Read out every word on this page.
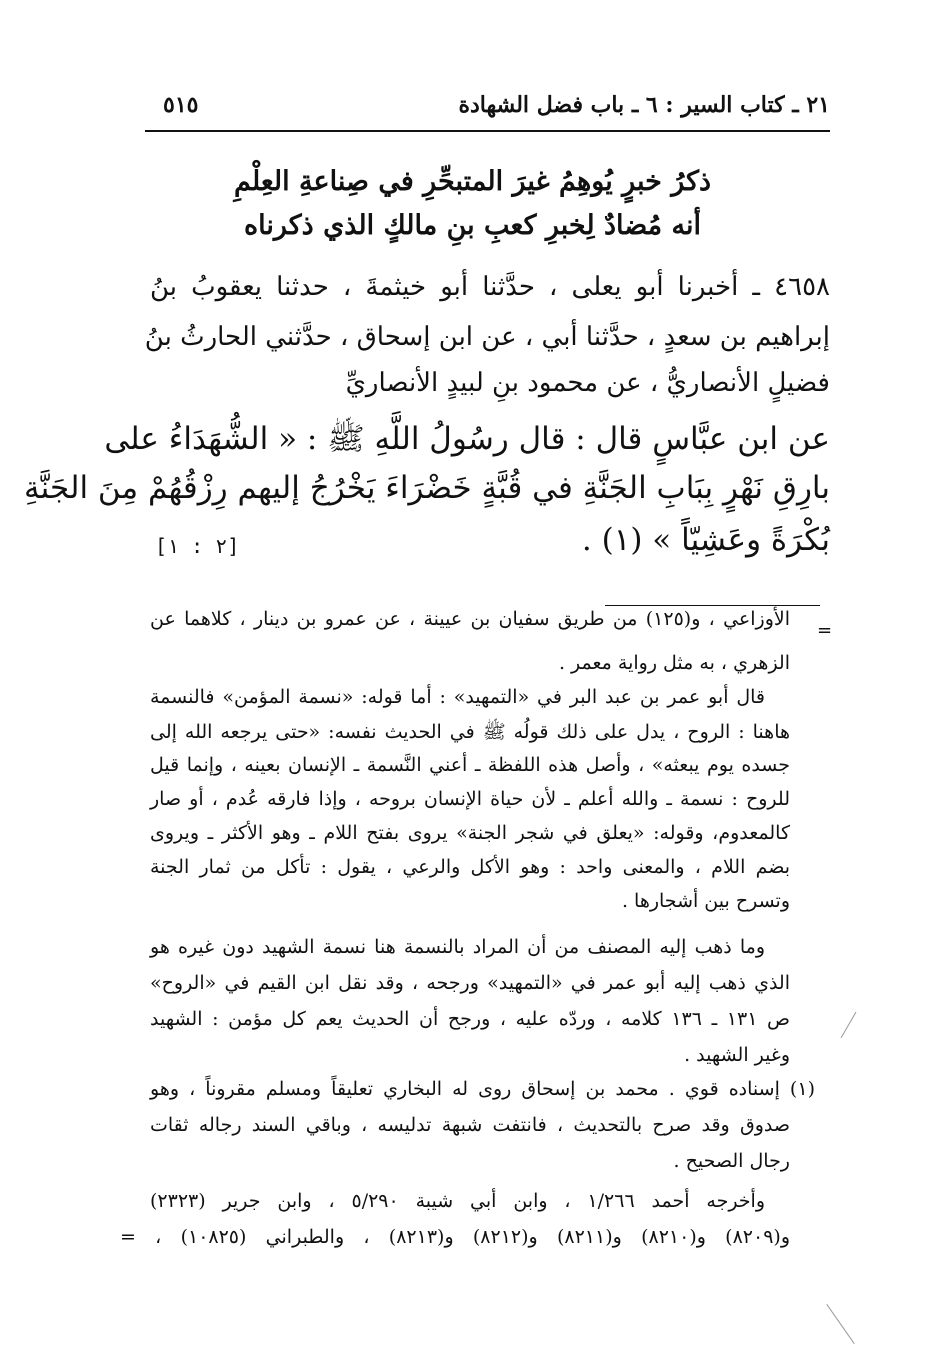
٢١ ـ كتاب السير : ٦ ـ باب فضل الشهادة
٥١٥
ذكرُ خبرٍ يُوهِمُ غيرَ المتبحِّرِ في صِناعةِ العِلْمِ
أنه مُضادٌ لِخبرِ كعبِ بنِ مالكٍ الذي ذكرناه
٤٦٥٨ ـ أخبرنا أبو يعلى ، حدَّثنا أبو خيثمةَ ، حدثنا يعقوبُ بنُ
إبراهيم بن سعدٍ ، حدَّثنا أبي ، عن ابن إسحاق ، حدَّثني الحارثُ بنُ
فضيلٍ الأنصاريُّ ، عن محمود بنِ لبيدٍ الأنصاريِّ
عن ابن عبَّاسٍ قال : قال رسُولُ اللَّهِ ﷺ : « الشُّهَدَاءُ على
بارِقِ نَهْرٍ بِبَابِ الجَنَّةِ في قُبَّةٍ خَضْرَاءَ يَخْرُجُ إليهم رِزْقُهُمْ مِنَ الجَنَّةِ
بُكْرَةً وعَشِيّاً » (١) .
[٢ : ١]
=
الأوزاعي ، و(١٢٥) من طريق سفيان بن عيينة ، عن عمرو بن دينار ، كلاهما عن
الزهري ، به مثل رواية معمر .
قال أبو عمر بن عبد البر في «التمهيد» : أما قوله: «نسمة المؤمن» فالنسمة
هاهنا : الروح ، يدل على ذلك قولُه ﷺ في الحديث نفسه: «حتى يرجعه الله إلى
جسده يوم يبعثه» ، وأصل هذه اللفظة ـ أعني النَّسمة ـ الإنسان بعينه ، وإنما قيل
للروح : نسمة ـ والله أعلم ـ لأن حياة الإنسان بروحه ، وإذا فارقه عُدم ، أو صار
كالمعدوم، وقوله: «يعلق في شجر الجنة» يروى بفتح اللام ـ وهو الأكثر ـ ويروى
بضم اللام ، والمعنى واحد : وهو الأكل والرعي ، يقول : تأكل من ثمار الجنة
وتسرح بين أشجارها .
وما ذهب إليه المصنف من أن المراد بالنسمة هنا نسمة الشهيد دون غيره هو
الذي ذهب إليه أبو عمر في «التمهيد» ورجحه ، وقد نقل ابن القيم في «الروح»
ص ١٣١ ـ ١٣٦ كلامه ، وردّه عليه ، ورجح أن الحديث يعم كل مؤمن : الشهيد
وغير الشهيد .
(١) إسناده قوي . محمد بن إسحاق روى له البخاري تعليقاً ومسلم مقروناً ، وهو
صدوق وقد صرح بالتحديث ، فانتفت شبهة تدليسه ، وباقي السند رجاله ثقات
رجال الصحيح .
وأخرجه أحمد ١/٢٦٦ ، وابن أبي شيبة ٥/٢٩٠ ، وابن جرير (٢٣٢٣)
و(٨٢٠٩) و(٨٢١٠) و(٨٢١١) و(٨٢١٢) و(٨٢١٣) ، والطبراني (١٠٨٢٥) ، =
